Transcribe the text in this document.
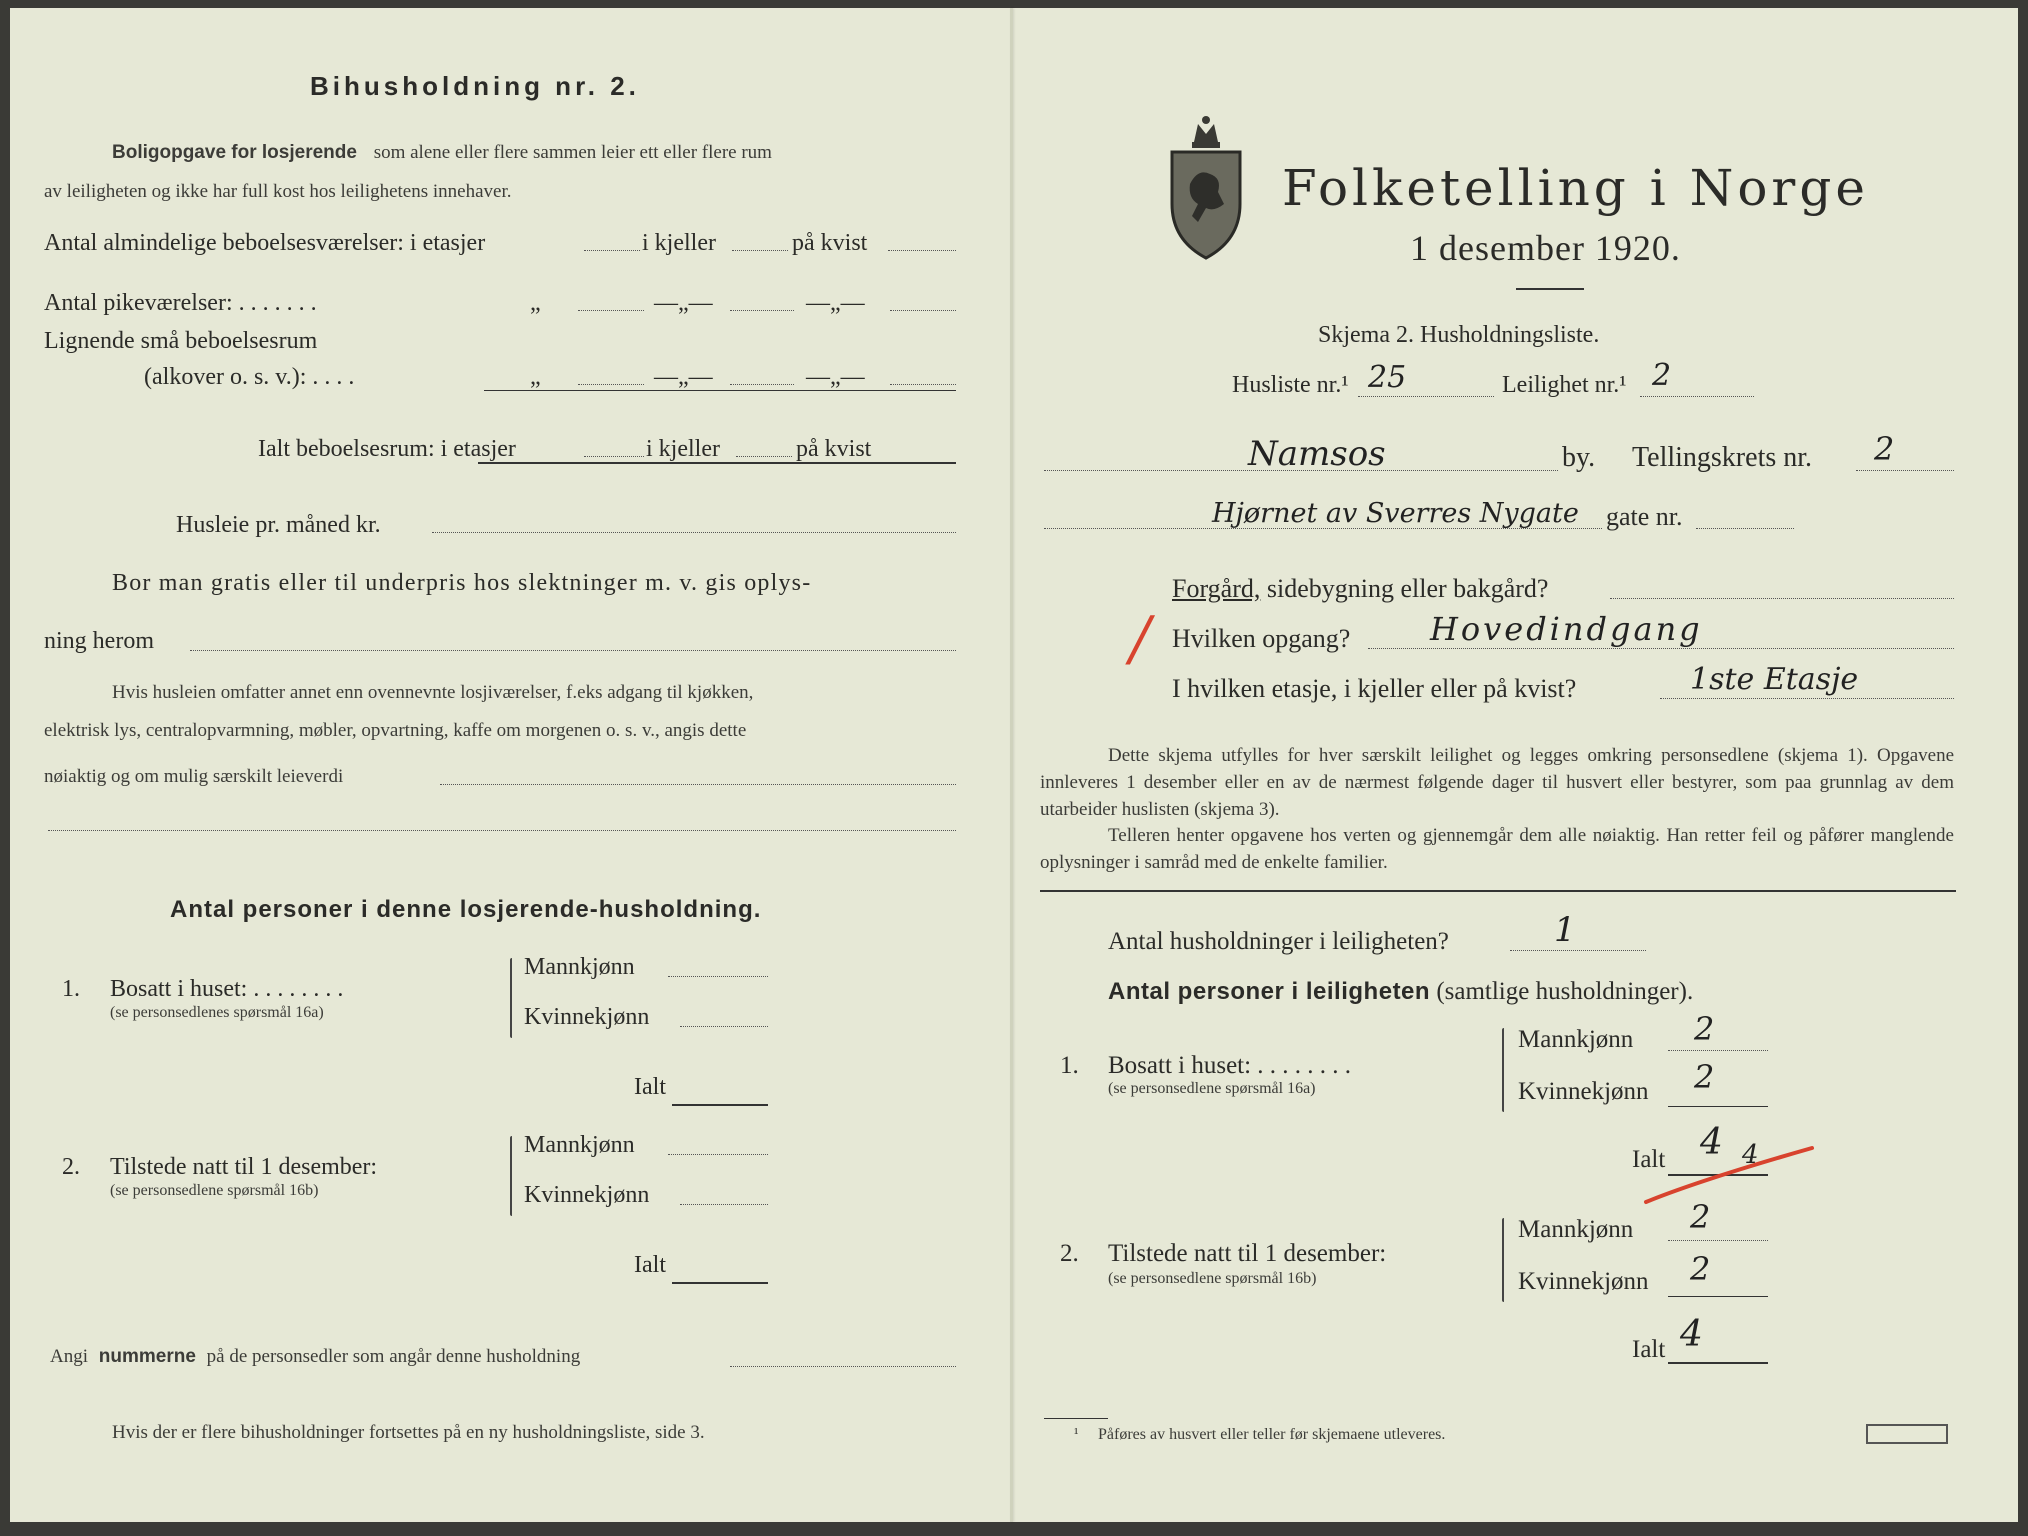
Bihusholdning nr. 2.
Boligopgave for losjerende som alene eller flere sammen leier ett eller flere rum
av leiligheten og ikke har full kost hos leilighetens innehaver.
Antal almindelige beboelsesværelser: i etasjer	i kjeller	på kvist
Antal pikeværelser: . . . . . . .	„	—„—	—„—
Lignende små beboelsesrum
(alkover o. s. v.): . . . .	„	—„—	—„—
Ialt beboelsesrum: i etasjer	i kjeller	på kvist
Husleie pr. måned kr.
Bor man gratis eller til underpris hos slektninger m. v. gis oplys-
ning herom
Hvis husleien omfatter annet enn ovennevnte losjiværelser, f.eks adgang til kjøkken,
elektrisk lys, centralopvarmning, møbler, opvartning, kaffe om morgenen o. s. v., angis dette
nøiaktig og om mulig særskilt leieverdi
Antal personer i denne losjerende-husholdning.
1. Bosatt i huset: . . . . . . . .
(se personsedlenes spørsmål 16a)
Mannkjønn
Kvinnekjønn
Ialt
2. Tilstede natt til 1 desember:
(se personsedlene spørsmål 16b)
Mannkjønn
Kvinnekjønn
Ialt
Angi nummerne på de personsedler som angår denne husholdning
Hvis der er flere bihusholdninger fortsettes på en ny husholdningsliste, side 3.
Folketelling i Norge
1 desember 1920.
Skjema 2. Husholdningsliste.
Husliste nr.¹ 25	Leilighet nr.¹ 2
Namsos	by. Tellingskrets nr. 2
Hjørnet av Sverres Nygate gate nr.
Forgård, sidebygning eller bakgård?
/ Hvilken opgang? Hovedindgang
I hvilken etasje, i kjeller eller på kvist?	1ste Etasje
Dette skjema utfylles for hver særskilt leilighet og legges omkring personsedlene (skjema 1). Opgavene innleveres 1 desember eller en av de nærmest følgende dager til husvert eller bestyrer, som paa grunnlag av dem utarbeider huslisten (skjema 3).
Telleren henter opgavene hos verten og gjennemgår dem alle nøiaktig. Han retter feil og påfører manglende oplysninger i samråd med de enkelte familier.
Antal husholdninger i leiligheten?	1
Antal personer i leiligheten (samtlige husholdninger).
1. Bosatt i huset: . . . . . . . .
(se personsedlene spørsmål 16a)
Mannkjønn 2
Kvinnekjønn 2
Ialt 4 4
2. Tilstede natt til 1 desember:
(se personsedlene spørsmål 16b)
Mannkjønn 2
Kvinnekjønn 2
Ialt 4
¹ Påføres av husvert eller teller før skjemaene utleveres.
